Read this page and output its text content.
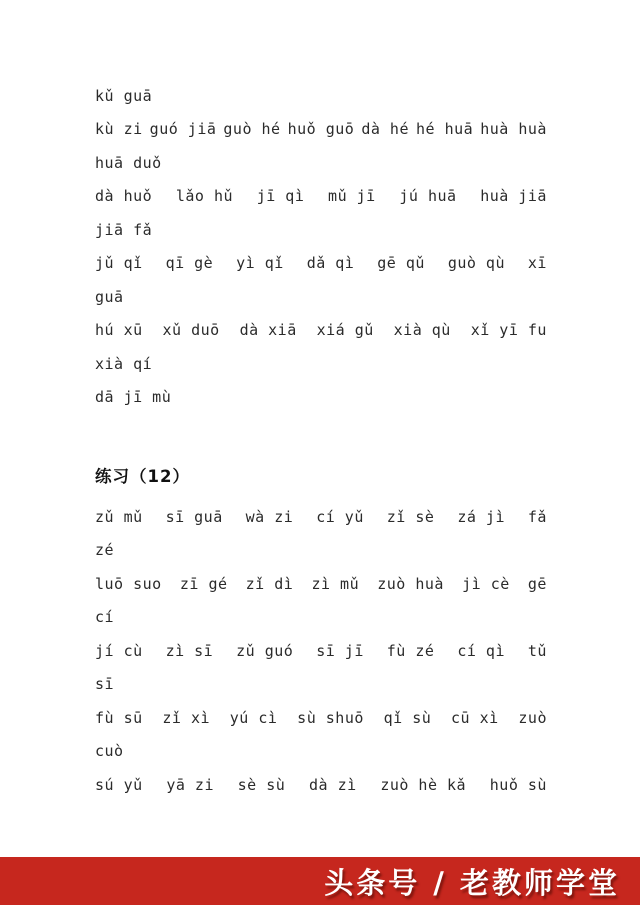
kǔ guā
kù zi guó jiā guò hé huǒ guō dà hé hé huā huà huà
huā duǒ
dà huǒ lǎo hǔ jī qì mǔ jī jú huā huà jiā
jiā fǎ
jǔ qǐ qī gè yì qǐ dǎ qì gē qǔ guò qù xī
guā
hú xū xǔ duō dà xiā xiá gǔ xià qù xǐ yī fu
xià qí
dā jī mù
练习（12）
zǔ mǔ sī guā wà zi cí yǔ zǐ sè zá jì fǎ
zé
luō suo zī gé zǐ dì zì mǔ zuò huà jì cè gē
cí
jí cù zì sī zǔ guó sī jī fù zé cí qì tǔ
sī
fù sū zǐ xì yú cì sù shuō qǐ sù cū xì zuò
cuò
sú yǔ yā zi sè sù dà zì zuò hè kǎ huǒ sù
头条号 / 老教师学堂
